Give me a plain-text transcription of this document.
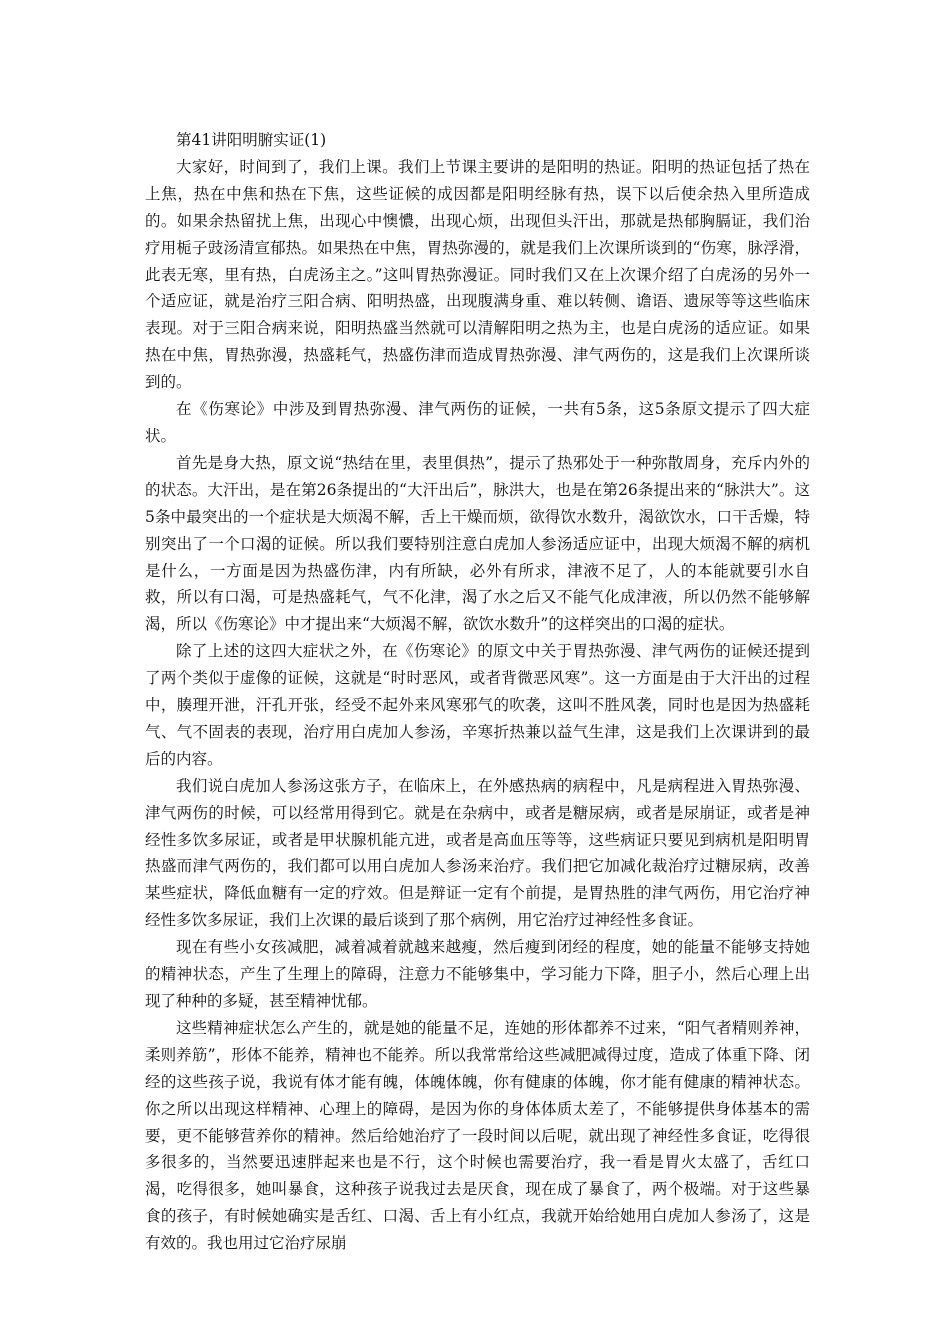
第41讲阳明腑实证(1)

大家好，时间到了，我们上课。我们上节课主要讲的是阳明的热证。阳明的热证包括了热在上焦，热在中焦和热在下焦，这些证候的成因都是阳明经脉有热，误下以后使余热入里所造成的。如果余热留扰上焦，出现心中懊憹，出现心烦，出现但头汗出，那就是热郁胸膈证，我们治疗用栀子豉汤清宣郁热。如果热在中焦，胃热弥漫的，就是我们上次课所谈到的“伤寒，脉浮滑，此表无寒，里有热，白虎汤主之。”这叫胃热弥漫证。同时我们又在上次课介绍了白虎汤的另外一个适应证，就是治疗三阳合病、阳明热盛，出现腹满身重、难以转侧、谵语、遗尿等等这些临床表现。对于三阳合病来说，阳明热盛当然就可以清解阳明之热为主，也是白虎汤的适应证。如果热在中焦，胃热弥漫，热盛耗气，热盛伤津而造成胃热弥漫、津气两伤的，这是我们上次课所谈到的。

在《伤寒论》中涉及到胃热弥漫、津气两伤的证候，一共有5条，这5条原文提示了四大症状。

首先是身大热，原文说“热结在里，表里俱热”，提示了热邪处于一种弥散周身，充斥内外的的状态。大汗出，是在第26条提出的“大汗出后”，脉洪大，也是在第26条提出来的“脉洪大”。这5条中最突出的一个症状是大烦渴不解，舌上干燥而烦，欲得饮水数升，渴欲饮水，口干舌燥，特别突出了一个口渴的证候。所以我们要特别注意白虎加人参汤适应证中，出现大烦渴不解的病机是什么，一方面是因为热盛伤津，内有所缺，必外有所求，津液不足了，人的本能就要引水自救，所以有口渴，可是热盛耗气，气不化津，渴了水之后又不能气化成津液，所以仍然不能够解渴，所以《伤寒论》中才提出来“大烦渴不解，欲饮水数升”的这样突出的口渴的症状。

除了上述的这四大症状之外，在《伤寒论》的原文中关于胃热弥漫、津气两伤的证候还提到了两个类似于虚像的证候，这就是“时时恶风，或者背微恶风寒”。这一方面是由于大汗出的过程中，腠理开泄，汗孔开张，经受不起外来风寒邪气的吹袭，这叫不胜风袭，同时也是因为热盛耗气、气不固表的表现，治疗用白虎加人参汤，辛寒折热兼以益气生津，这是我们上次课讲到的最后的内容。

我们说白虎加人参汤这张方子，在临床上，在外感热病的病程中，凡是病程进入胃热弥漫、津气两伤的时候，可以经常用得到它。就是在杂病中，或者是糖尿病，或者是尿崩证，或者是神经性多饮多尿证，或者是甲状腺机能亢进，或者是高血压等等，这些病证只要见到病机是阳明胃热盛而津气两伤的，我们都可以用白虎加人参汤来治疗。我们把它加减化裁治疗过糖尿病，改善某些症状，降低血糖有一定的疗效。但是辩证一定有个前提，是胃热胜的津气两伤，用它治疗神经性多饮多尿证，我们上次课的最后谈到了那个病例，用它治疗过神经性多食证。

现在有些小女孩减肥，减着减着就越来越瘦，然后瘦到闭经的程度，她的能量不能够支持她的精神状态，产生了生理上的障碍，注意力不能够集中，学习能力下降，胆子小，然后心理上出现了种种的多疑，甚至精神忧郁。

这些精神症状怎么产生的，就是她的能量不足，连她的形体都养不过来，“阳气者精则养神，柔则养筋”，形体不能养，精神也不能养。所以我常常给这些减肥减得过度，造成了体重下降、闭经的这些孩子说，我说有体才能有魄，体魄体魄，你有健康的体魄，你才能有健康的精神状态。你之所以出现这样精神、心理上的障碍，是因为你的身体体质太差了，不能够提供身体基本的需要，更不能够营养你的精神。然后给她治疗了一段时间以后呢，就出现了神经性多食证，吃得很多很多的，当然要迅速胖起来也是不行，这个时候也需要治疗，我一看是胃火太盛了，舌红口渴，吃得很多，她叫暴食，这种孩子说我过去是厌食，现在成了暴食了，两个极端。对于这些暴食的孩子，有时候她确实是舌红、口渴、舌上有小红点，我就开始给她用白虎加人参汤了，这是有效的。我也用过它治疗尿崩
